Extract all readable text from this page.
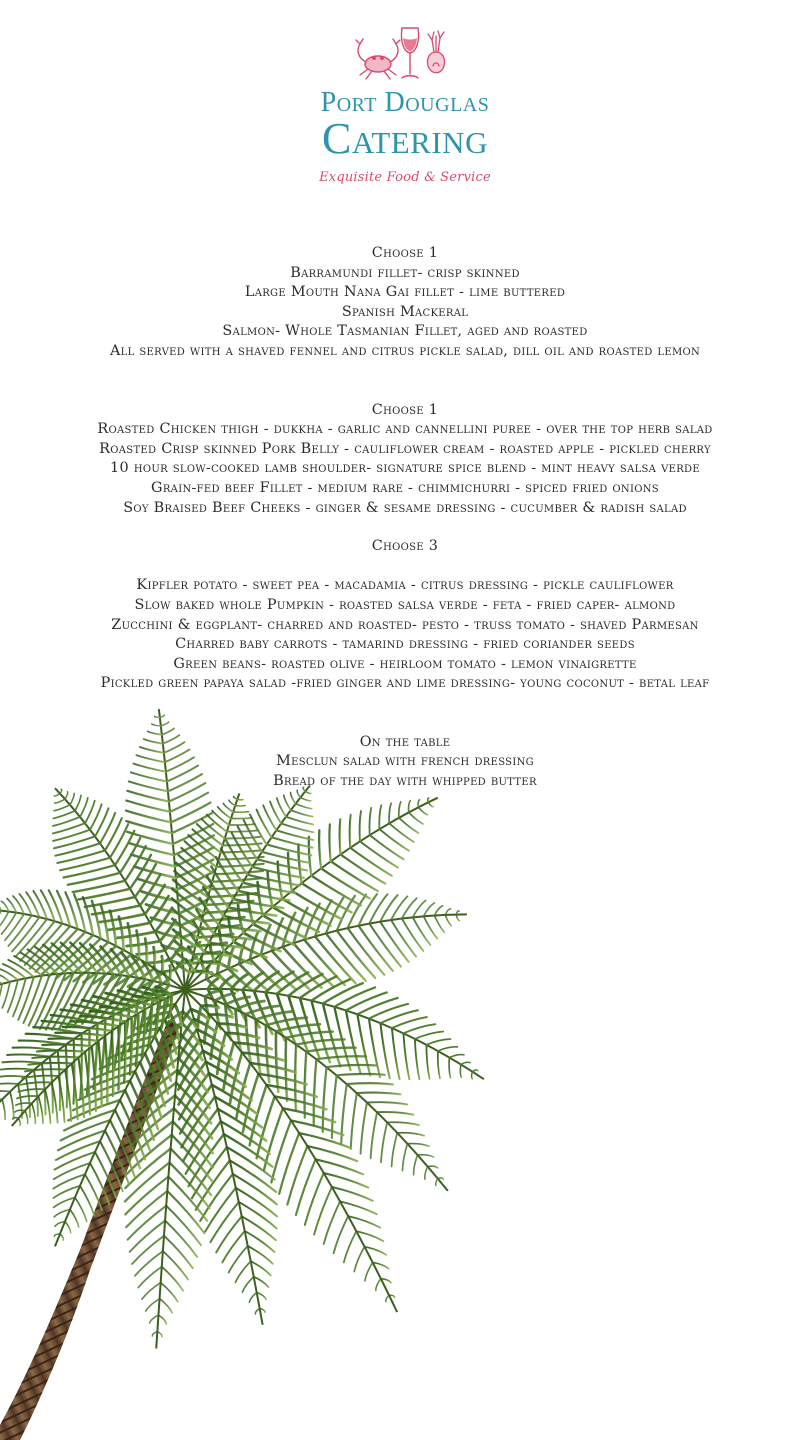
Port Douglas
Catering
Exquisite Food & Service
Choose 1
Barramundi fillet- crisp skinned
Large Mouth Nana Gai fillet - lime buttered
Spanish Mackeral
Salmon- Whole Tasmanian Fillet, aged and roasted
All served with a shaved fennel and citrus pickle salad, dill oil and roasted lemon
Choose 1
Roasted Chicken thigh - dukkha - garlic and cannellini puree - over the top herb salad
Roasted Crisp skinned Pork Belly - cauliflower cream - roasted apple - pickled cherry
10 hour slow-cooked lamb shoulder- signature spice blend - mint heavy salsa verde
Grain-fed beef Fillet - medium rare - chimmichurri - spiced fried onions
Soy Braised Beef Cheeks - ginger & sesame dressing - cucumber & radish salad
Choose 3
Kipfler potato - sweet pea - macadamia - citrus dressing - pickle cauliflower
Slow baked whole Pumpkin - roasted salsa verde - feta - fried caper- almond
Zucchini & eggplant- charred and roasted- pesto - truss tomato - shaved Parmesan
Charred baby carrots - tamarind dressing - fried coriander seeds
Green beans- roasted olive - heirloom tomato - lemon vinaigrette
Pickled green papaya salad -fried ginger and lime dressing- young coconut - betal leaf
On the table
Mesclun salad with french dressing
Bread of the day with whipped butter
